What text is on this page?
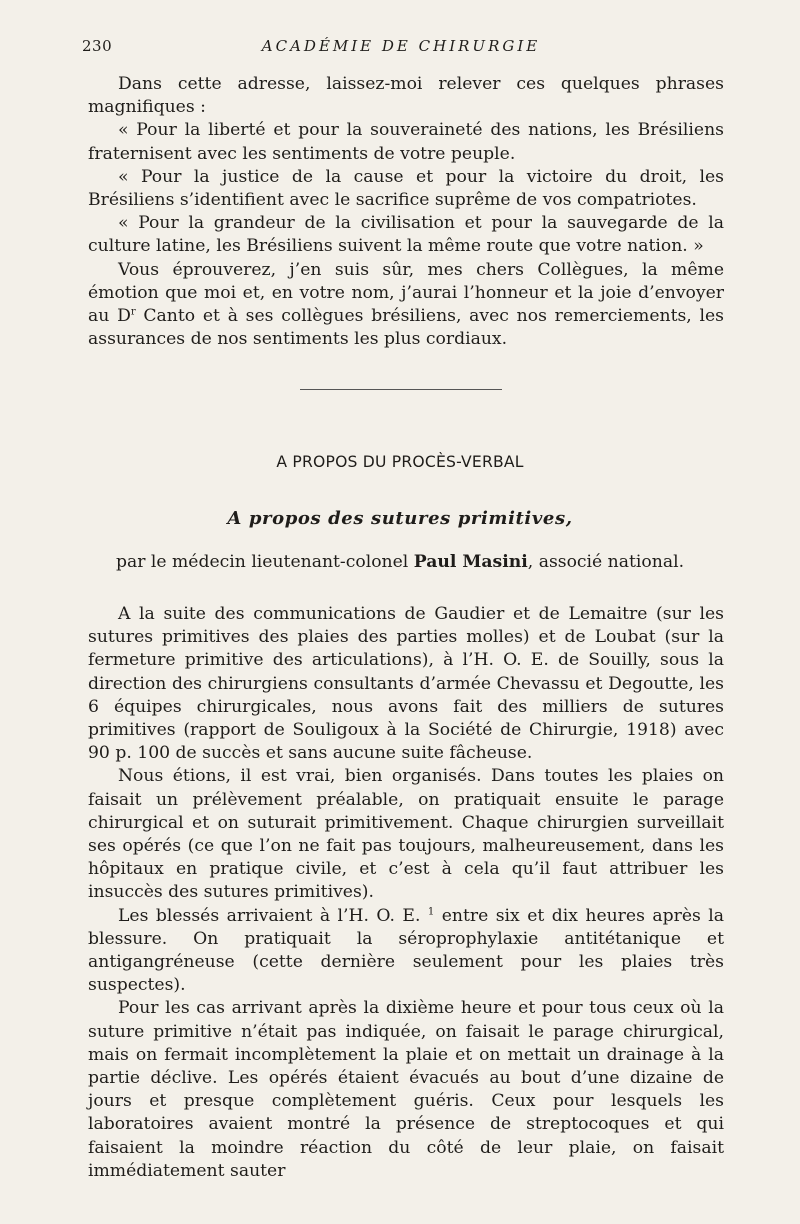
230	ACADÉMIE DE CHIRURGIE

Dans cette adresse, laissez-moi relever ces quelques phrases magnifiques :

« Pour la liberté et pour la souveraineté des nations, les Brésiliens fraternisent avec les sentiments de votre peuple.

« Pour la justice de la cause et pour la victoire du droit, les Brésiliens s’identifient avec le sacrifice suprême de vos compatriotes.

« Pour la grandeur de la civilisation et pour la sauvegarde de la culture latine, les Brésiliens suivent la même route que votre nation. »

Vous éprouverez, j’en suis sûr, mes chers Collègues, la même émotion que moi et, en votre nom, j’aurai l’honneur et la joie d’envoyer au $D^r$ Canto et à ses collègues brésiliens, avec nos remerciements, les assurances de nos sentiments les plus cordiaux.

A PROPOS DU PROCÈS-VERBAL
A propos des sutures primitives,
par le médecin lieutenant-colonel Paul Masini, associé national.

A la suite des communications de Gaudier et de Lemaitre (sur les sutures primitives des plaies des parties molles) et de Loubat (sur la fermeture primitive des articulations), à l’H. O. E. de Souilly, sous la direction des chirurgiens consultants d’armée Chevassu et Degoutte, les 6 équipes chirurgicales, nous avons fait des milliers de sutures primitives (rapport de Souligoux à la Société de Chirurgie, 1918) avec 90 p. 100 de succès et sans aucune suite fâcheuse.

Nous étions, il est vrai, bien organisés. Dans toutes les plaies on faisait un prélèvement préalable, on pratiquait ensuite le parage chirurgical et on suturait primitivement. Chaque chirurgien surveillait ses opérés (ce que l’on ne fait pas toujours, malheureusement, dans les hôpitaux en pratique civile, et c’est à cela qu’il faut attribuer les insuccès des sutures primitives).

Les blessés arrivaient à l’H. O. E. $^1$ entre six et dix heures après la blessure. On pratiquait la séroprophylaxie antitétanique et antigangréneuse (cette dernière seulement pour les plaies très suspectes).

Pour les cas arrivant après la dixième heure et pour tous ceux où la suture primitive n’était pas indiquée, on faisait le parage chirurgical, mais on fermait incomplètement la plaie et on mettait un drainage à la partie déclive. Les opérés étaient évacués au bout d’une dizaine de jours et presque complètement guéris. Ceux pour lesquels les laboratoires avaient montré la présence de streptocoques et qui faisaient la moindre réaction du côté de leur plaie, on faisait immédiatement sauter
